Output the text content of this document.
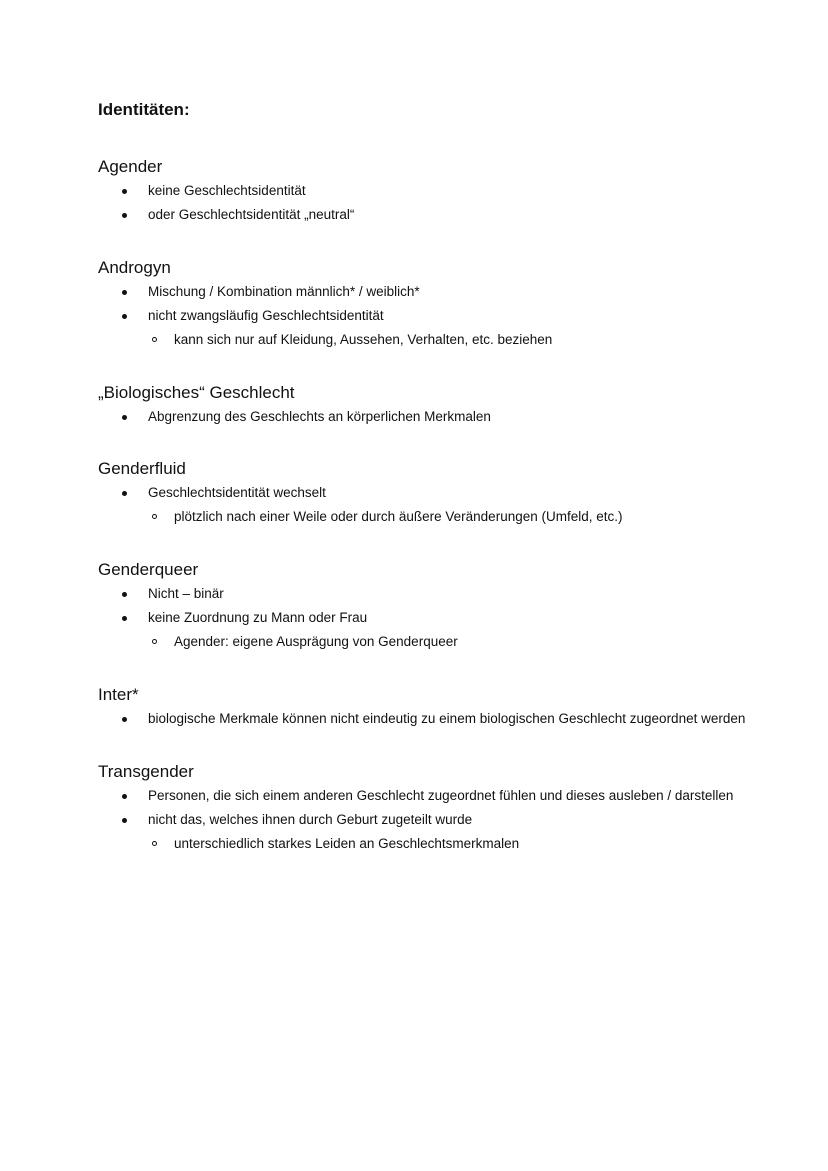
Identitäten:
Agender
keine Geschlechtsidentität
oder Geschlechtsidentität „neutral“
Androgyn
Mischung / Kombination männlich* / weiblich*
nicht zwangsläufig Geschlechtsidentität
kann sich nur auf Kleidung, Aussehen, Verhalten, etc. beziehen
„Biologisches“ Geschlecht
Abgrenzung des Geschlechts an körperlichen Merkmalen
Genderfluid
Geschlechtsidentität wechselt
plötzlich nach einer Weile oder durch äußere Veränderungen (Umfeld, etc.)
Genderqueer
Nicht – binär
keine Zuordnung zu Mann oder Frau
Agender: eigene Ausprägung von Genderqueer
Inter*
biologische Merkmale können nicht eindeutig zu einem biologischen Geschlecht zugeordnet werden
Transgender
Personen, die sich einem anderen Geschlecht zugeordnet fühlen und dieses ausleben / darstellen
nicht das, welches ihnen durch Geburt zugeteilt wurde
unterschiedlich starkes Leiden an Geschlechtsmerkmalen
